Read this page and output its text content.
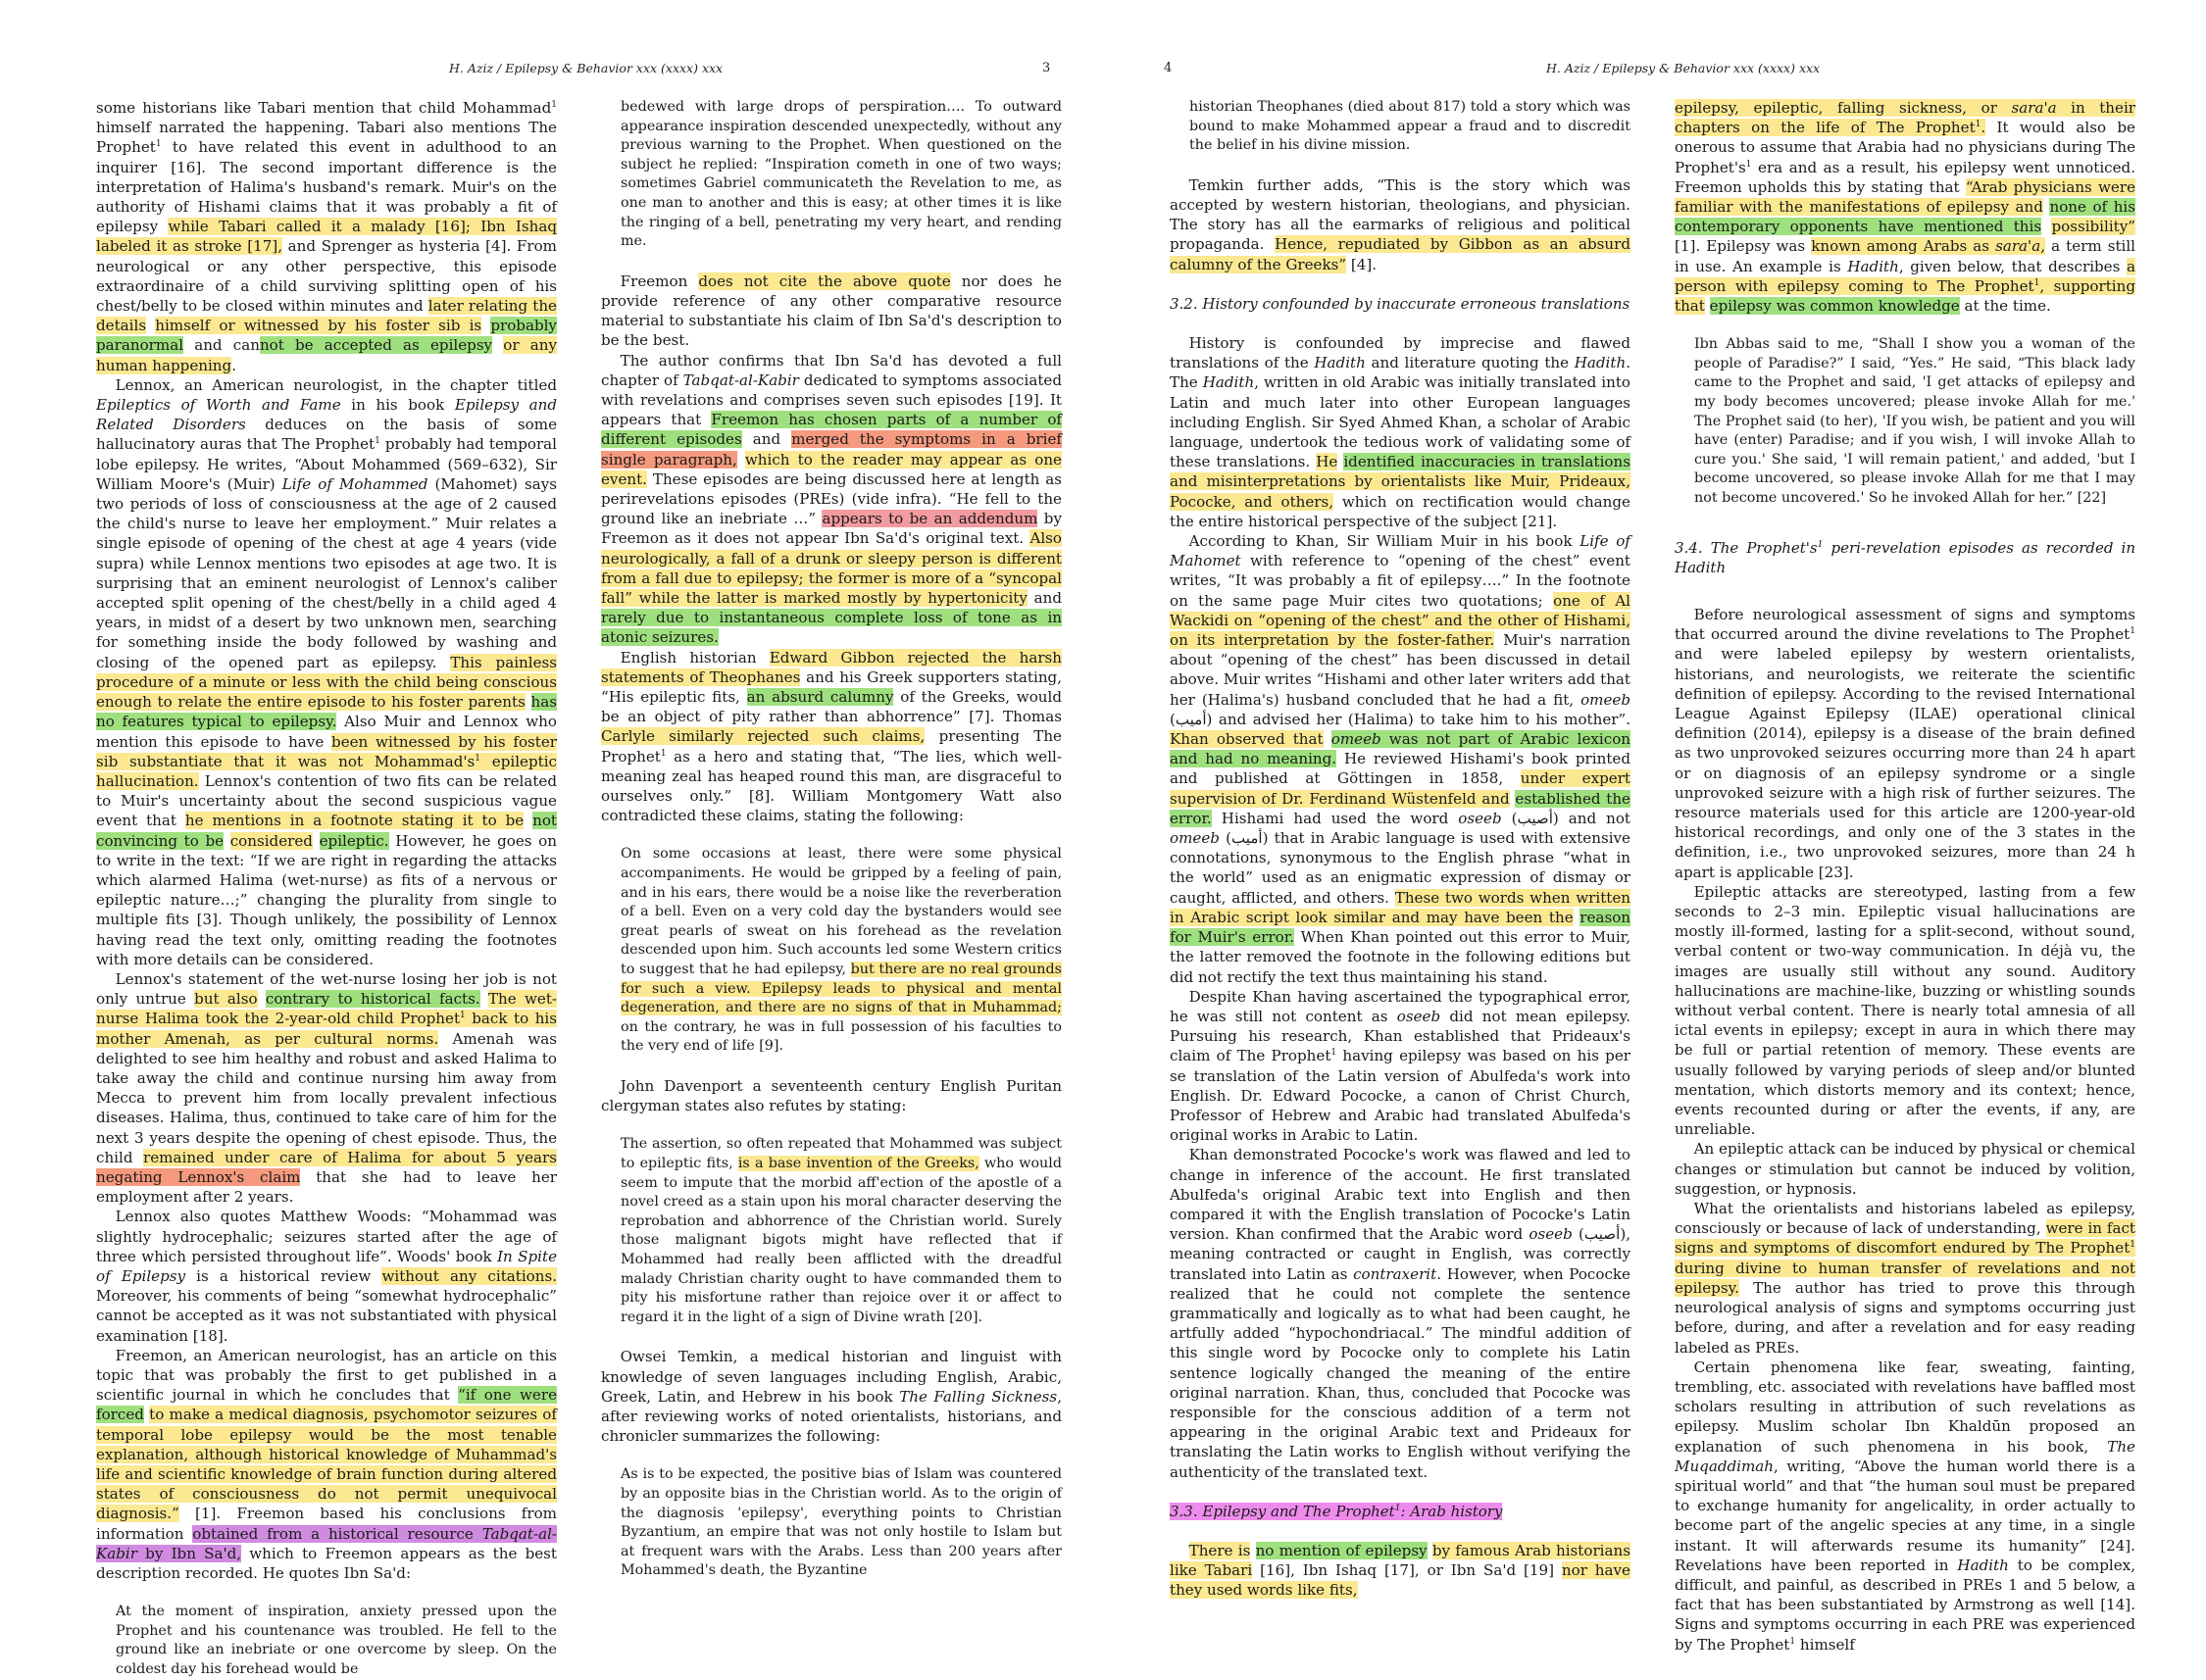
H. Aziz / Epilepsy & Behavior xxx (xxxx) xxx	3

some historians like Tabari mention that child Mohammad$^1$ himself narrated the happening. Tabari also mentions The Prophet$^1$ to have related this event in adulthood to an inquirer [16]. The second important difference is the interpretation of Halima's husband's remark. Muir's on the authority of Hishami claims that it was probably a fit of epilepsy while Tabari called it a malady [16]; Ibn Ishaq labeled it as stroke [17], and Sprenger as hysteria [4]. From neurological or any other perspective, this episode extraordinaire of a child surviving splitting open of his chest/belly to be closed within minutes and later relating the details himself or witnessed by his foster sib is probably paranormal and cannot be accepted as epilepsy or any human happening.

Lennox, an American neurologist, in the chapter titled Epileptics of Worth and Fame in his book Epilepsy and Related Disorders deduces on the basis of some hallucinatory auras that The Prophet$^1$ probably had temporal lobe epilepsy. He writes, “About Mohammed (569–632), Sir William Moore's (Muir) Life of Mohammed (Mahomet) says two periods of loss of consciousness at the age of 2 caused the child's nurse to leave her employment.” Muir relates a single episode of opening of the chest at age 4 years (vide supra) while Lennox mentions two episodes at age two. It is surprising that an eminent neurologist of Lennox's caliber accepted split opening of the chest/belly in a child aged 4 years, in midst of a desert by two unknown men, searching for something inside the body followed by washing and closing of the opened part as epilepsy. This painless procedure of a minute or less with the child being conscious enough to relate the entire episode to his foster parents has no features typical to epilepsy. Also Muir and Lennox who mention this episode to have been witnessed by his foster sib substantiate that it was not $Mohammad's^1$ epileptic hallucination. Lennox's contention of two fits can be related to Muir's uncertainty about the second suspicious vague event that he mentions in a footnote stating it to be not convincing to be considered epileptic. However, he goes on to write in the text: “If we are right in regarding the attacks which alarmed Halima (wet-nurse) as fits of a nervous or epileptic nature…;” changing the plurality from single to multiple fits [3]. Though unlikely, the possibility of Lennox having read the text only, omitting reading the footnotes with more details can be considered.

Lennox's statement of the wet-nurse losing her job is not only untrue but also contrary to historical facts. The wet-nurse Halima took the 2-year-old child Prophet$^1$ back to his mother Amenah, as per cultural norms. Amenah was delighted to see him healthy and robust and asked Halima to take away the child and continue nursing him away from Mecca to prevent him from locally prevalent infectious diseases. Halima, thus, continued to take care of him for the next 3 years despite the opening of chest episode. Thus, the child remained under care of Halima for about 5 years negating Lennox's claim that she had to leave her employment after 2 years.

Lennox also quotes Matthew Woods: “Mohammad was slightly hydrocephalic; seizures started after the age of three which persisted throughout life”. Woods' book In Spite of Epilepsy is a historical review without any citations. Moreover, his comments of being “somewhat hydrocephalic” cannot be accepted as it was not substantiated with physical examination [18].

Freemon, an American neurologist, has an article on this topic that was probably the first to get published in a scientific journal in which he concludes that “if one were forced to make a medical diagnosis, psychomotor seizures of temporal lobe epilepsy would be the most tenable explanation, although historical knowledge of Muhammad's life and scientific knowledge of brain function during altered states of consciousness do not permit unequivocal diagnosis.” [1]. Freemon based his conclusions from information obtained from a historical resource Tabqat-al-Kabir by Ibn Sa'd, which to Freemon appears as the best description recorded. He quotes Ibn Sa'd:

At the moment of inspiration, anxiety pressed upon the Prophet and his countenance was troubled. He fell to the ground like an inebriate or one overcome by sleep. On the coldest day his forehead would be

bedewed with large drops of perspiration…. To outward appearance inspiration descended unexpectedly, without any previous warning to the Prophet. When questioned on the subject he replied: “Inspiration cometh in one of two ways; sometimes Gabriel communicateth the Revelation to me, as one man to another and this is easy; at other times it is like the ringing of a bell, penetrating my very heart, and rending me.

Freemon does not cite the above quote nor does he provide reference of any other comparative resource material to substantiate his claim of Ibn Sa'd's description to be the best.

The author confirms that Ibn Sa'd has devoted a full chapter of Tabqat-al-Kabir dedicated to symptoms associated with revelations and comprises seven such episodes [19]. It appears that Freemon has chosen parts of a number of different episodes and merged the symptoms in a brief single paragraph, which to the reader may appear as one event. These episodes are being discussed here at length as perirevelations episodes (PREs) (vide infra). “He fell to the ground like an inebriate …” appears to be an addendum by Freemon as it does not appear Ibn Sa'd's original text. Also neurologically, a fall of a drunk or sleepy person is different from a fall due to epilepsy; the former is more of a “syncopal fall” while the latter is marked mostly by hypertonicity and rarely due to instantaneous complete loss of tone as in atonic seizures.

English historian Edward Gibbon rejected the harsh statements of Theophanes and his Greek supporters stating, “His epileptic fits, an absurd calumny of the Greeks, would be an object of pity rather than abhorrence” [7]. Thomas Carlyle similarly rejected such claims, presenting The Prophet$^1$ as a hero and stating that, “The lies, which well-meaning zeal has heaped round this man, are disgraceful to ourselves only.” [8]. William Montgomery Watt also contradicted these claims, stating the following:

On some occasions at least, there were some physical accompaniments. He would be gripped by a feeling of pain, and in his ears, there would be a noise like the reverberation of a bell. Even on a very cold day the bystanders would see great pearls of sweat on his forehead as the revelation descended upon him. Such accounts led some Western critics to suggest that he had epilepsy, but there are no real grounds for such a view. Epilepsy leads to physical and mental degeneration, and there are no signs of that in Muhammad; on the contrary, he was in full possession of his faculties to the very end of life [9].

John Davenport a seventeenth century English Puritan clergyman states also refutes by stating:

The assertion, so often repeated that Mohammed was subject to epileptic fits, is a base invention of the Greeks, who would seem to impute that the morbid aff'ection of the apostle of a novel creed as a stain upon his moral character deserving the reprobation and abhorrence of the Christian world. Surely those malignant bigots might have reflected that if Mohammed had really been afflicted with the dreadful malady Christian charity ought to have commanded them to pity his misfortune rather than rejoice over it or affect to regard it in the light of a sign of Divine wrath [20].

Owsei Temkin, a medical historian and linguist with knowledge of seven languages including English, Arabic, Greek, Latin, and Hebrew in his book The Falling Sickness, after reviewing works of noted orientalists, historians, and chronicler summarizes the following:

As is to be expected, the positive bias of Islam was countered by an opposite bias in the Christian world. As to the origin of the diagnosis 'epilepsy', everything points to Christian Byzantium, an empire that was not only hostile to Islam but at frequent wars with the Arabs. Less than 200 years after Mohammed's death, the Byzantine

4	H. Aziz / Epilepsy & Behavior xxx (xxxx) xxx

historian Theophanes (died about 817) told a story which was bound to make Mohammed appear a fraud and to discredit the belief in his divine mission.

Temkin further adds, “This is the story which was accepted by western historian, theologians, and physician. The story has all the earmarks of religious and political propaganda. Hence, repudiated by Gibbon as an absurd calumny of the Greeks” [4].

3.2. History confounded by inaccurate erroneous translations

History is confounded by imprecise and flawed translations of the Hadith and literature quoting the Hadith. The Hadith, written in old Arabic was initially translated into Latin and much later into other European languages including English. Sir Syed Ahmed Khan, a scholar of Arabic language, undertook the tedious work of validating some of these translations. He identified inaccuracies in translations and misinterpretations by orientalists like Muir, Prideaux, Pococke, and others, which on rectification would change the entire historical perspective of the subject [21].

According to Khan, Sir William Muir in his book Life of Mahomet with reference to “opening of the chest” event writes, “It was probably a fit of epilepsy….” In the footnote on the same page Muir cites two quotations; one of Al Wackidi on “opening of the chest” and the other of Hishami, on its interpretation by the foster-father. Muir's narration about “opening of the chest” has been discussed in detail above. Muir writes “Hishami and other later writers add that her (Halima's) husband concluded that he had a fit, omeeb (أميب) and advised her (Halima) to take him to his mother”. Khan observed that omeeb was not part of Arabic lexicon and had no meaning. He reviewed Hishami's book printed and published at Göttingen in 1858, under expert supervision of Dr. Ferdinand Wüstenfeld and established the error. Hishami had used the word oseeb (أصيب) and not omeeb (أميب) that in Arabic language is used with extensive connotations, synonymous to the English phrase “what in the world” used as an enigmatic expression of dismay or caught, afflicted, and others. These two words when written in Arabic script look similar and may have been the reason for Muir's error. When Khan pointed out this error to Muir, the latter removed the footnote in the following editions but did not rectify the text thus maintaining his stand.

Despite Khan having ascertained the typographical error, he was still not content as oseeb did not mean epilepsy. Pursuing his research, Khan established that Prideaux's claim of The Prophet$^1$ having epilepsy was based on his per se translation of the Latin version of Abulfeda's work into English. Dr. Edward Pococke, a canon of Christ Church, Professor of Hebrew and Arabic had translated Abulfeda's original works in Arabic to Latin.

Khan demonstrated Pococke's work was flawed and led to change in inference of the account. He first translated Abulfeda's original Arabic text into English and then compared it with the English translation of Pococke's Latin version. Khan confirmed that the Arabic word oseeb (أصيب), meaning contracted or caught in English, was correctly translated into Latin as contraxerit. However, when Pococke realized that he could not complete the sentence grammatically and logically as to what had been caught, he artfully added “hypochondriacal.” The mindful addition of this single word by Pococke only to complete his Latin sentence logically changed the meaning of the entire original narration. Khan, thus, concluded that Pococke was responsible for the conscious addition of a term not appearing in the original Arabic text and Prideaux for translating the Latin works to English without verifying the authenticity of the translated text.

3.3. Epilepsy and The Prophet$^1$: Arab history

There is no mention of epilepsy by famous Arab historians like Tabari [16], Ibn Ishaq [17], or Ibn Sa'd [19] nor have they used words like fits,

epilepsy, epileptic, falling sickness, or sara'a in their chapters on the life of The Prophet$^1$. It would also be onerous to assume that Arabia had no physicians during The $Prophet's^1$ era and as a result, his epilepsy went unnoticed. Freemon upholds this by stating that “Arab physicians were familiar with the manifestations of epilepsy and none of his contemporary opponents have mentioned this possibility” [1]. Epilepsy was known among Arabs as sara'a, a term still in use. An example is Hadith, given below, that describes a person with epilepsy coming to The Prophet$^1$, supporting that epilepsy was common knowledge at the time.

Ibn Abbas said to me, “Shall I show you a woman of the people of Paradise?” I said, “Yes.” He said, “This black lady came to the Prophet and said, 'I get attacks of epilepsy and my body becomes uncovered; please invoke Allah for me.' The Prophet said (to her), 'If you wish, be patient and you will have (enter) Paradise; and if you wish, I will invoke Allah to cure you.' She said, 'I will remain patient,' and added, 'but I become uncovered, so please invoke Allah for me that I may not become uncovered.' So he invoked Allah for her.” [22]

3.4. The $Prophet's^1$ peri-revelation episodes as recorded in Hadith

Before neurological assessment of signs and symptoms that occurred around the divine revelations to The Prophet$^1$ and were labeled epilepsy by western orientalists, historians, and neurologists, we reiterate the scientific definition of epilepsy. According to the revised International League Against Epilepsy (ILAE) operational clinical definition (2014), epilepsy is a disease of the brain defined as two unprovoked seizures occurring more than 24 h apart or on diagnosis of an epilepsy syndrome or a single unprovoked seizure with a high risk of further seizures. The resource materials used for this article are 1200-year-old historical recordings, and only one of the 3 states in the definition, i.e., two unprovoked seizures, more than 24 h apart is applicable [23].

Epileptic attacks are stereotyped, lasting from a few seconds to 2–3 min. Epileptic visual hallucinations are mostly ill-formed, lasting for a split-second, without sound, verbal content or two-way communication. In déjà vu, the images are usually still without any sound. Auditory hallucinations are machine-like, buzzing or whistling sounds without verbal content. There is nearly total amnesia of all ictal events in epilepsy; except in aura in which there may be full or partial retention of memory. These events are usually followed by varying periods of sleep and/or blunted mentation, which distorts memory and its context; hence, events recounted during or after the events, if any, are unreliable.

An epileptic attack can be induced by physical or chemical changes or stimulation but cannot be induced by volition, suggestion, or hypnosis.

What the orientalists and historians labeled as epilepsy, consciously or because of lack of understanding, were in fact signs and symptoms of discomfort endured by The Prophet$^1$ during divine to human transfer of revelations and not epilepsy. The author has tried to prove this through neurological analysis of signs and symptoms occurring just before, during, and after a revelation and for easy reading labeled as PREs.

Certain phenomena like fear, sweating, fainting, trembling, etc. associated with revelations have baffled most scholars resulting in attribution of such revelations as epilepsy. Muslim scholar Ibn Khaldūn proposed an explanation of such phenomena in his book, The Muqaddimah, writing, “Above the human world there is a spiritual world” and that “the human soul must be prepared to exchange humanity for angelicality, in order actually to become part of the angelic species at any time, in a single instant. It will afterwards resume its humanity” [24]. Revelations have been reported in Hadith to be complex, difficult, and painful, as described in PREs 1 and 5 below, a fact that has been substantiated by Armstrong as well [14]. Signs and symptoms occurring in each PRE was experienced by The Prophet$^1$ himself
